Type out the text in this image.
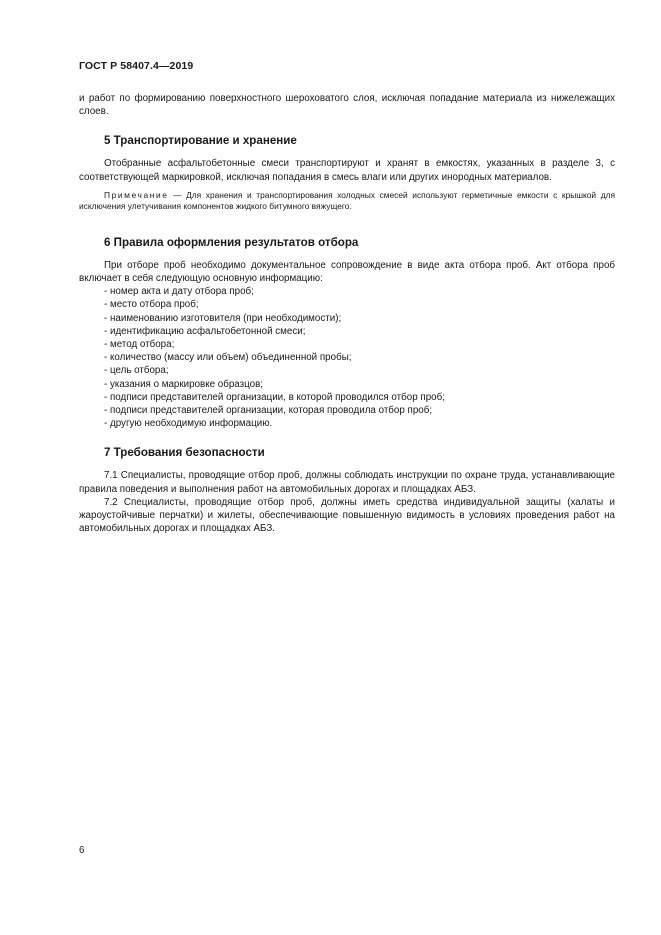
ГОСТ Р 58407.4—2019

и работ по формированию поверхностного шероховатого слоя, исключая попадание материала из нижележащих слоев.

5 Транспортирование и хранение

Отобранные асфальтобетонные смеси транспортируют и хранят в емкостях, указанных в разделе 3, с соответствующей маркировкой, исключая попадания в смесь влаги или других инородных материалов.

Примечание — Для хранения и транспортирования холодных смесей используют герметичные емкости с крышкой для исключения улетучивания компонентов жидкого битумного вяжущего.

6 Правила оформления результатов отбора

При отборе проб необходимо документальное сопровождение в виде акта отбора проб. Акт отбора проб включает в себя следующую основную информацию:

- номер акта и дату отбора проб;
- место отбора проб;
- наименованию изготовителя (при необходимости);
- идентификацию асфальтобетонной смеси;
- метод отбора;
- количество (массу или объем) объединенной пробы;
- цель отбора;
- указания о маркировке образцов;
- подписи представителей организации, в которой проводился отбор проб;
- подписи представителей организации, которая проводила отбор проб;
- другую необходимую информацию.
7 Требования безопасности

7.1 Специалисты, проводящие отбор проб, должны соблюдать инструкции по охране труда, устанавливающие правила поведения и выполнения работ на автомобильных дорогах и площадках АБЗ.

7.2 Специалисты, проводящие отбор проб, должны иметь средства индивидуальной защиты (халаты и жароустойчивые перчатки) и жилеты, обеспечивающие повышенную видимость в условиях проведения работ на автомобильных дорогах и площадках АБЗ.

6
